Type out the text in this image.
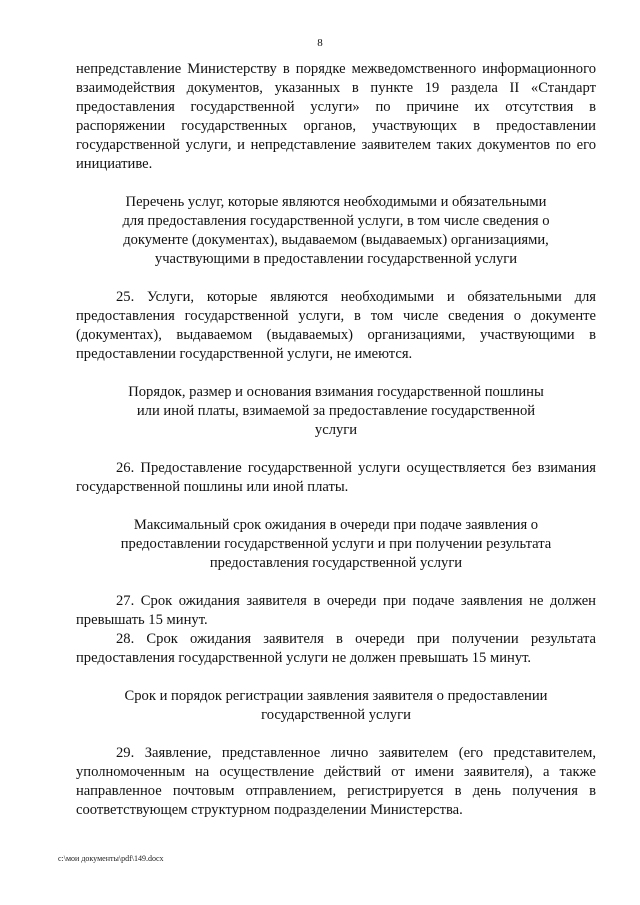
8

непредставление Министерству в порядке межведомственного информационного взаимодействия документов, указанных в пункте 19 раздела II «Стандарт предоставления государственной услуги» по причине их отсутствия в распоряжении государственных органов, участвующих в предоставлении государственной услуги, и непредставление заявителем таких документов по его инициативе.

Перечень услуг, которые являются необходимыми и обязательными для предоставления государственной услуги, в том числе сведения о документе (документах), выдаваемом (выдаваемых) организациями, участвующими в предоставлении государственной услуги

25. Услуги, которые являются необходимыми и обязательными для предоставления государственной услуги, в том числе сведения о документе (документах), выдаваемом (выдаваемых) организациями, участвующими в предоставлении государственной услуги, не имеются.

Порядок, размер и основания взимания государственной пошлины или иной платы, взимаемой за предоставление государственной услуги

26. Предоставление государственной услуги осуществляется без взимания государственной пошлины или иной платы.

Максимальный срок ожидания в очереди при подаче заявления о предоставлении государственной услуги и при получении результата предоставления государственной услуги

27. Срок ожидания заявителя в очереди при подаче заявления не должен превышать 15 минут.

28. Срок ожидания заявителя в очереди при получении результата предоставления государственной услуги не должен превышать 15 минут.

Срок и порядок регистрации заявления заявителя о предоставлении государственной услуги

29. Заявление, представленное лично заявителем (его представителем, уполномоченным на осуществление действий от имени заявителя), а также направленное почтовым отправлением, регистрируется в день получения в соответствующем структурном подразделении Министерства.

c:\мои документы\pdf\149.docx
